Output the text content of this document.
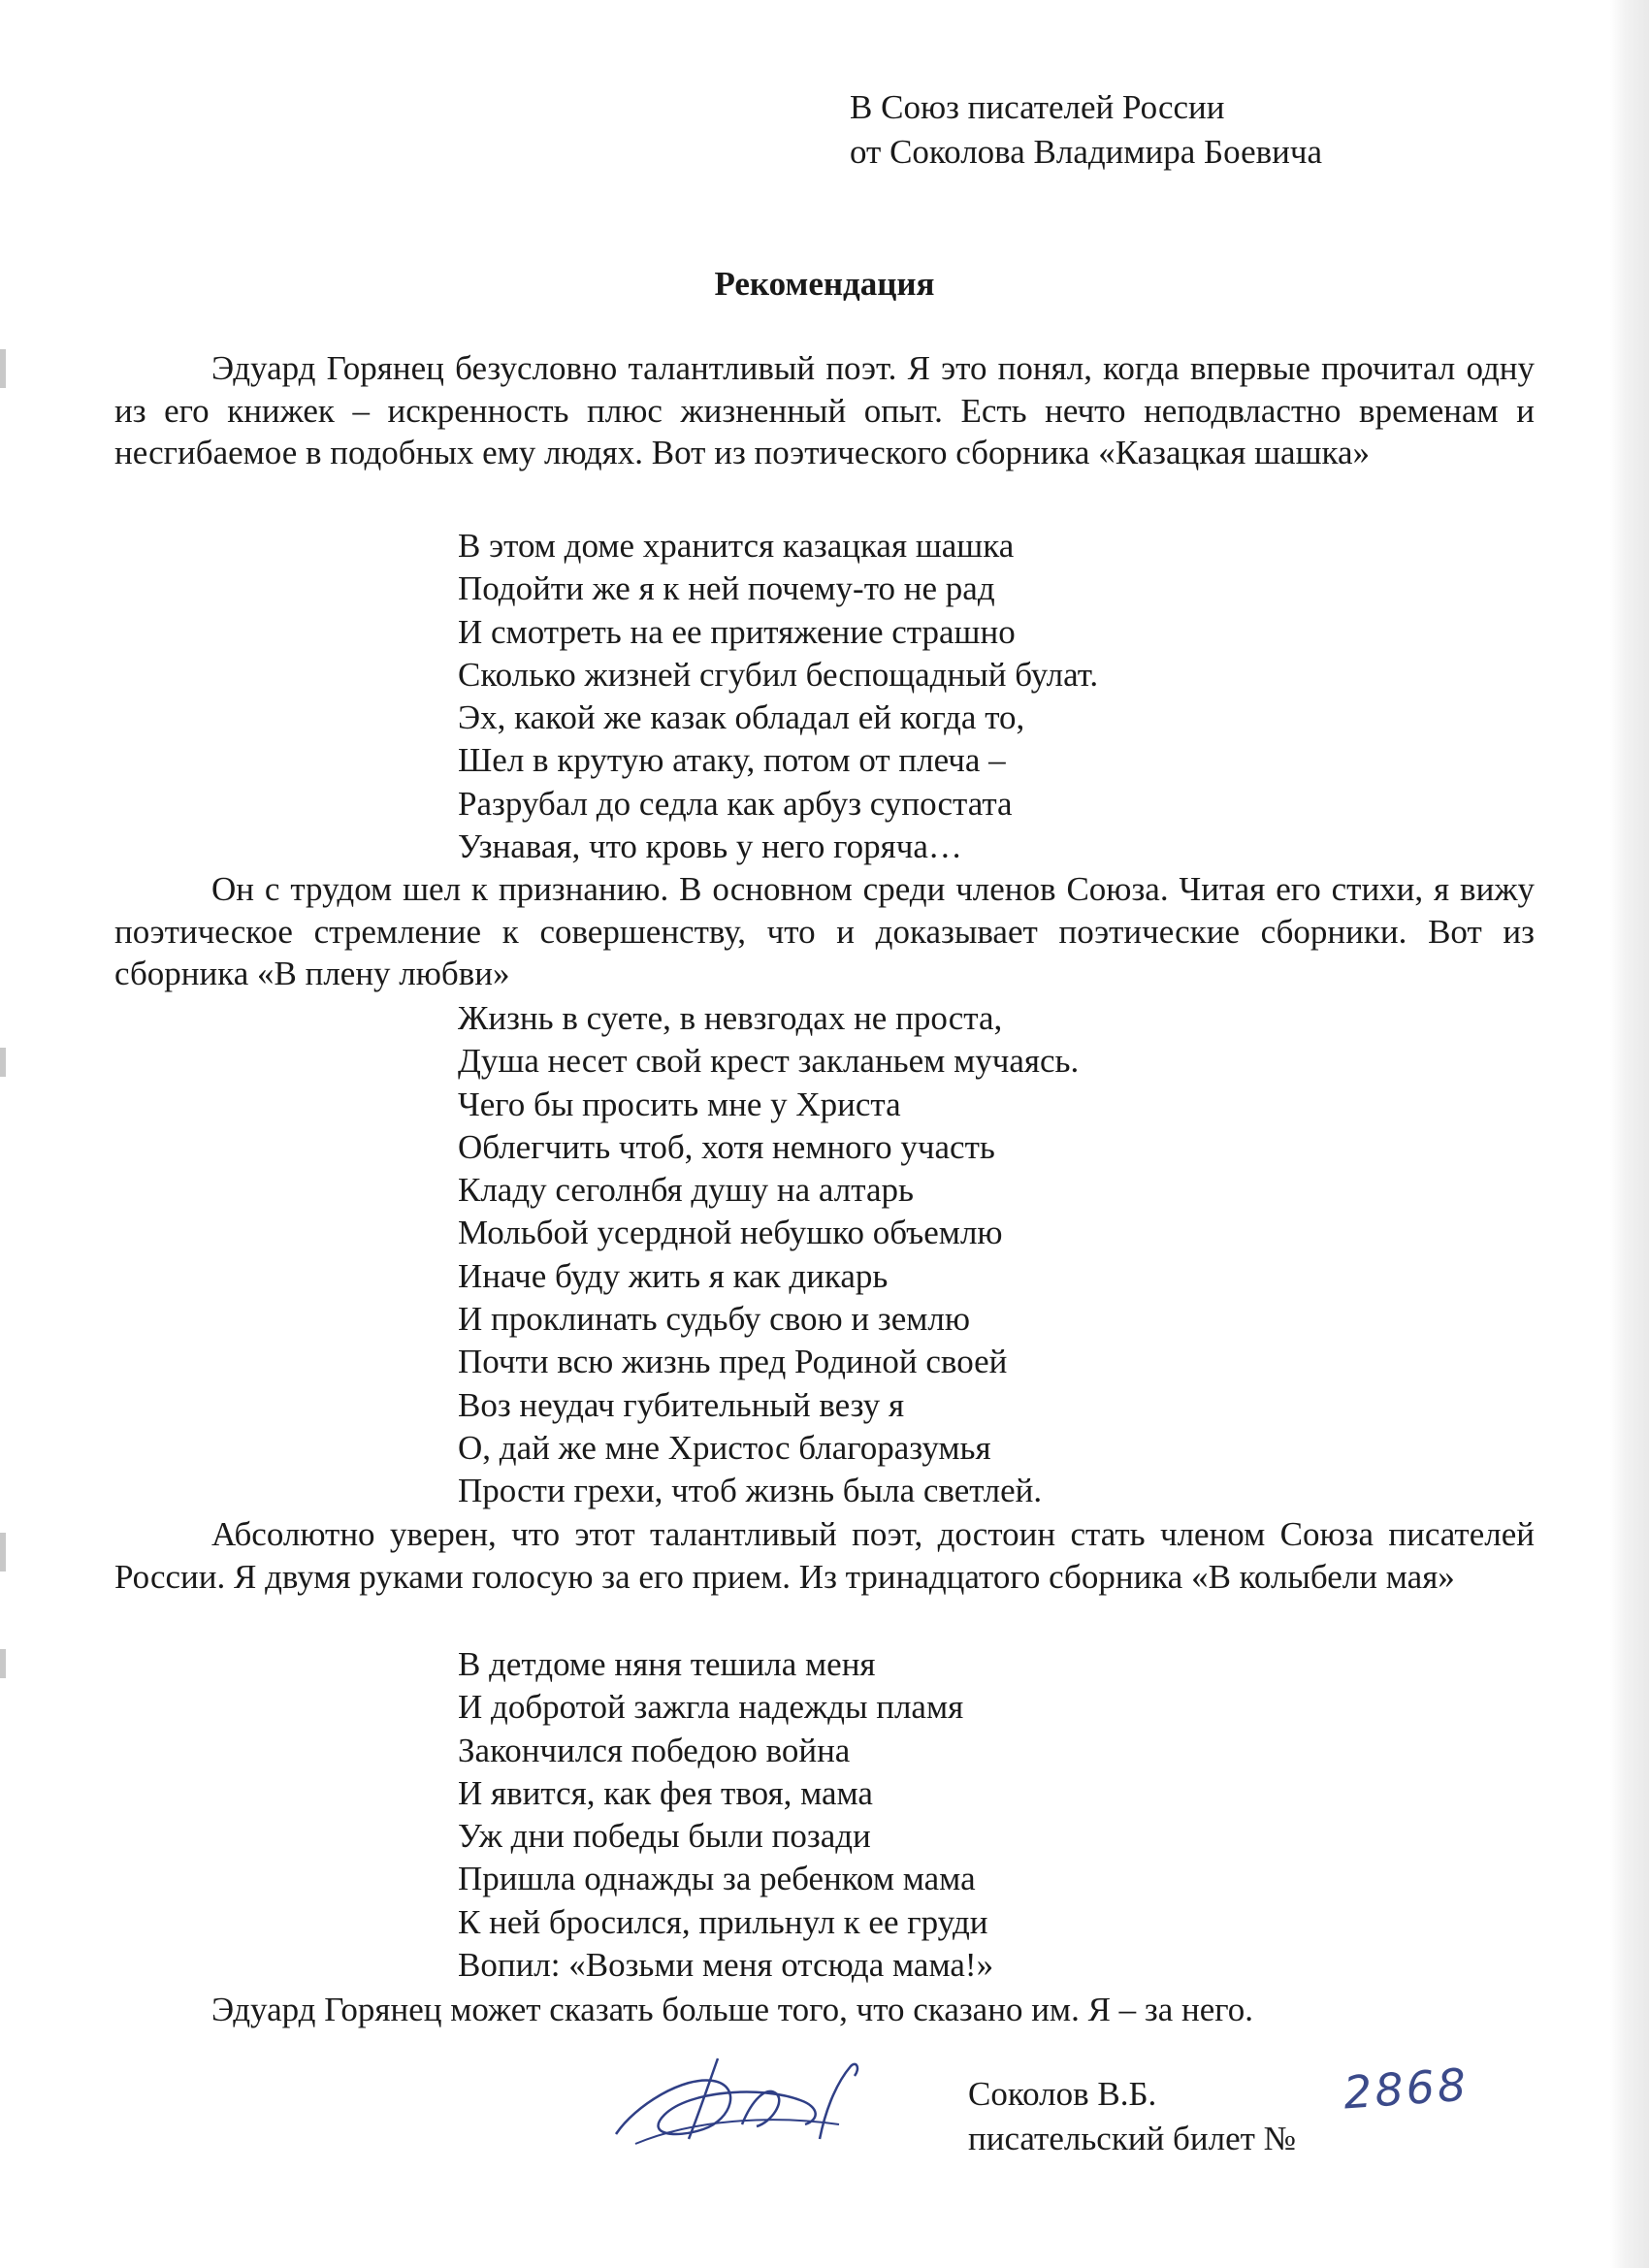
В Союз писателей России
от Соколова Владимира Боевича
Рекомендация
Эдуард Горянец безусловно талантливый поэт. Я это понял, когда впервые прочитал одну из его книжек – искренность плюс жизненный опыт. Есть нечто неподвластно временам и несгибаемое в подобных ему людях. Вот из поэтического сборника «Казацкая шашка»
В этом доме хранится казацкая шашка
Подойти же я к ней почему-то не рад
И смотреть на ее притяжение страшно
Сколько жизней сгубил беспощадный булат.
Эх, какой же казак обладал ей когда то,
Шел в крутую атаку, потом от плеча –
Разрубал до седла как арбуз супостата
Узнавая, что кровь у него горяча…
Он с трудом шел к признанию. В основном среди членов Союза. Читая его стихи, я вижу поэтическое стремление к совершенству, что и доказывает поэтические сборники. Вот из сборника «В плену любви»
Жизнь в суете, в невзгодах не проста,
Душа несет свой крест закланьем мучаясь.
Чего бы просить мне у Христа
Облегчить чтоб, хотя немного участь
Кладу сеголнбя душу на алтарь
Мольбой усердной небушко объемлю
Иначе буду жить я как дикарь
И проклинать судьбу свою и землю
Почти всю жизнь пред Родиной своей
Воз неудач губительный везу я
О, дай же мне Христос благоразумья
Прости грехи, чтоб жизнь была светлей.
Абсолютно уверен, что этот талантливый поэт, достоин стать членом Союза писателей России. Я двумя руками голосую за его прием. Из тринадцатого сборника «В колыбели мая»
В детдоме няня тешила меня
И добротой зажгла надежды пламя
Закончился победою война
И явится, как фея твоя, мама
Уж дни победы были позади
Пришла однажды за ребенком мама
К ней бросился, прильнул к ее груди
Вопил: «Возьми меня отсюда мама!»
Эдуард Горянец может сказать больше того, что сказано им. Я – за него.
Соколов В.Б.
писательский билет №
2868
